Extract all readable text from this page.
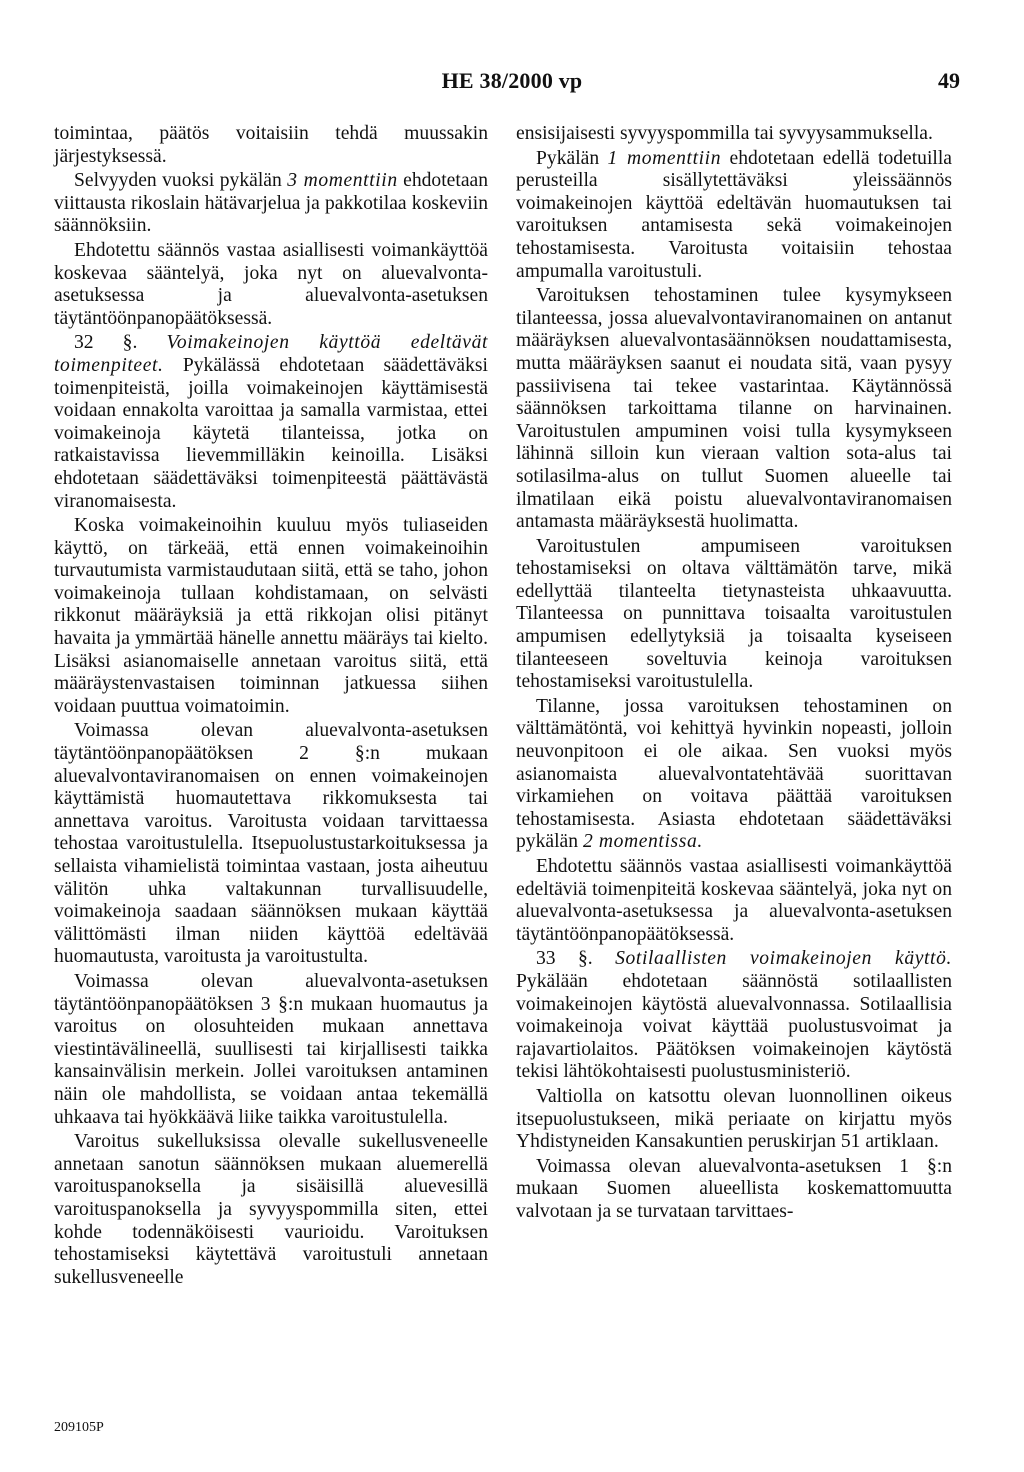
HE 38/2000 vp	49

toimintaa, päätös voitaisiin tehdä muussakin järjestyksessä.

Selvyyden vuoksi pykälän 3 momenttiin ehdotetaan viittausta rikoslain hätävarjelua ja pakkotilaa koskeviin säännöksiin.

Ehdotettu säännös vastaa asiallisesti voimankäyttöä koskevaa sääntelyä, joka nyt on aluevalvonta-asetuksessa ja aluevalvonta-asetuksen täytäntöönpanopäätöksessä.

32 §. Voimakeinojen käyttöä edeltävät toimenpiteet. Pykälässä ehdotetaan säädettäväksi toimenpiteistä, joilla voimakeinojen käyttämisestä voidaan ennakolta varoittaa ja samalla varmistaa, ettei voimakeinoja käytetä tilanteissa, jotka on ratkaistavissa lievemmilläkin keinoilla. Lisäksi ehdotetaan säädettäväksi toimenpiteestä päättävästä viranomaisesta.

Koska voimakeinoihin kuuluu myös tuliaseiden käyttö, on tärkeää, että ennen voimakeinoihin turvautumista varmistaudutaan siitä, että se taho, johon voimakeinoja tullaan kohdistamaan, on selvästi rikkonut määräyksiä ja että rikkojan olisi pitänyt havaita ja ymmärtää hänelle annettu määräys tai kielto. Lisäksi asianomaiselle annetaan varoitus siitä, että määräystenvastaisen toiminnan jatkuessa siihen voidaan puuttua voimatoimin.

Voimassa olevan aluevalvonta-asetuksen täytäntöönpanopäätöksen 2 §:n mukaan aluevalvontaviranomaisen on ennen voimakeinojen käyttämistä huomautettava rikkomuksesta tai annettava varoitus. Varoitusta voidaan tarvittaessa tehostaa varoitustulella. Itsepuolustustarkoituksessa ja sellaista vihamielistä toimintaa vastaan, josta aiheutuu välitön uhka valtakunnan turvallisuudelle, voimakeinoja saadaan säännöksen mukaan käyttää välittömästi ilman niiden käyttöä edeltävää huomautusta, varoitusta ja varoitustulta.

Voimassa olevan aluevalvonta-asetuksen täytäntöönpanopäätöksen 3 §:n mukaan huomautus ja varoitus on olosuhteiden mukaan annettava viestintävälineellä, suullisesti tai kirjallisesti taikka kansainvälisin merkein. Jollei varoituksen antaminen näin ole mahdollista, se voidaan antaa tekemällä uhkaava tai hyökkäävä liike taikka varoitustulella.

Varoitus sukelluksissa olevalle sukellusveneelle annetaan sanotun säännöksen mukaan aluemerellä varoituspanoksella ja sisäisillä aluevesillä varoituspanoksella ja syvyyspommilla siten, ettei kohde todennäköisesti vaurioidu. Varoituksen tehostamiseksi käytettävä varoitustuli annetaan sukellusveneelle

ensisijaisesti syvyyspommilla tai syvyysammuksella.

Pykälän 1 momenttiin ehdotetaan edellä todetuilla perusteilla sisällytettäväksi yleissäännös voimakeinojen käyttöä edeltävän huomautuksen tai varoituksen antamisesta sekä voimakeinojen tehostamisesta. Varoitusta voitaisiin tehostaa ampumalla varoitustuli.

Varoituksen tehostaminen tulee kysymykseen tilanteessa, jossa aluevalvontaviranomainen on antanut määräyksen aluevalvontasäännöksen noudattamisesta, mutta määräyksen saanut ei noudata sitä, vaan pysyy passiivisena tai tekee vastarintaa. Käytännössä säännöksen tarkoittama tilanne on harvinainen. Varoitustulen ampuminen voisi tulla kysymykseen lähinnä silloin kun vieraan valtion sota-alus tai sotilasilma-alus on tullut Suomen alueelle tai ilmatilaan eikä poistu aluevalvontaviranomaisen antamasta määräyksestä huolimatta.

Varoitustulen ampumiseen varoituksen tehostamiseksi on oltava välttämätön tarve, mikä edellyttää tilanteelta tietynasteista uhkaavuutta. Tilanteessa on punnittava toisaalta varoitustulen ampumisen edellytyksiä ja toisaalta kyseiseen tilanteeseen soveltuvia keinoja varoituksen tehostamiseksi varoitustulella.

Tilanne, jossa varoituksen tehostaminen on välttämätöntä, voi kehittyä hyvinkin nopeasti, jolloin neuvonpitoon ei ole aikaa. Sen vuoksi myös asianomaista aluevalvontatehtävää suorittavan virkamiehen on voitava päättää varoituksen tehostamisesta. Asiasta ehdotetaan säädettäväksi pykälän 2 momentissa.

Ehdotettu säännös vastaa asiallisesti voimankäyttöä edeltäviä toimenpiteitä koskevaa sääntelyä, joka nyt on aluevalvonta-asetuksessa ja aluevalvonta-asetuksen täytäntöönpanopäätöksessä.

33 §. Sotilaallisten voimakeinojen käyttö. Pykälään ehdotetaan säännöstä sotilaallisten voimakeinojen käytöstä aluevalvonnassa. Sotilaallisia voimakeinoja voivat käyttää puolustusvoimat ja rajavartiolaitos. Päätöksen voimakeinojen käytöstä tekisi lähtökohtaisesti puolustusministeriö.

Valtiolla on katsottu olevan luonnollinen oikeus itsepuolustukseen, mikä periaate on kirjattu myös Yhdistyneiden Kansakuntien peruskirjan 51 artiklaan.

Voimassa olevan aluevalvonta-asetuksen 1 §:n mukaan Suomen alueellista koskemattomuutta valvotaan ja se turvataan tarvittaes-

209105P
